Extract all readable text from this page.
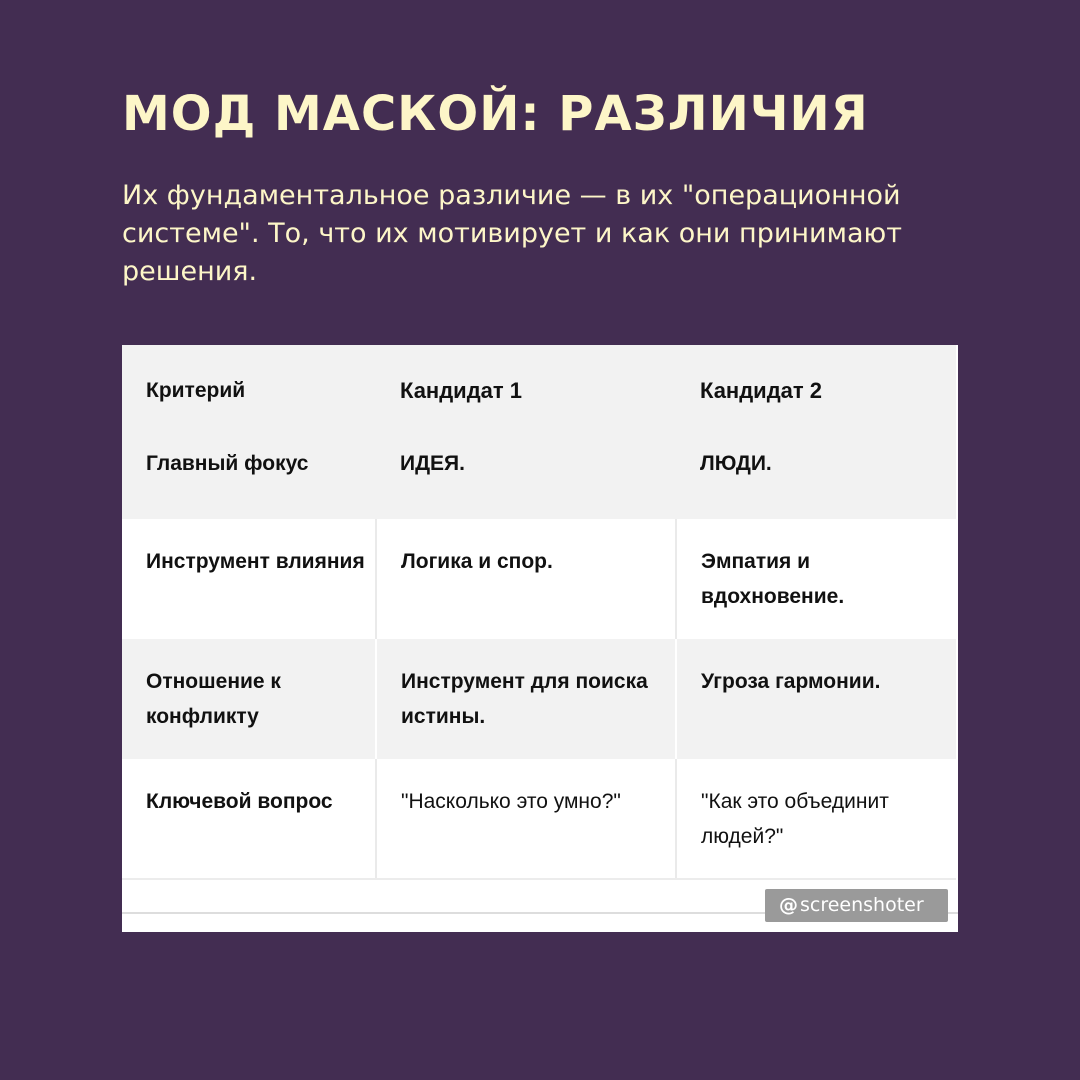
МОД МАСКОЙ: РАЗЛИЧИЯ

Их фундаментальное различие — в их "операционной системе". То, что их мотивирует и как они принимают решения.

Критерий	Кандидат 1	Кандидат 2
Главный фокус	ИДЕЯ.	ЛЮДИ.
Инструмент влияния	Логика и спор.	Эмпатия и вдохновение.
Отношение к конфликту	Инструмент для поиска истины.	Угроза гармонии.
Ключевой вопрос	"Насколько это умно?"	"Как это объединит людей?"
@ screenshoter
